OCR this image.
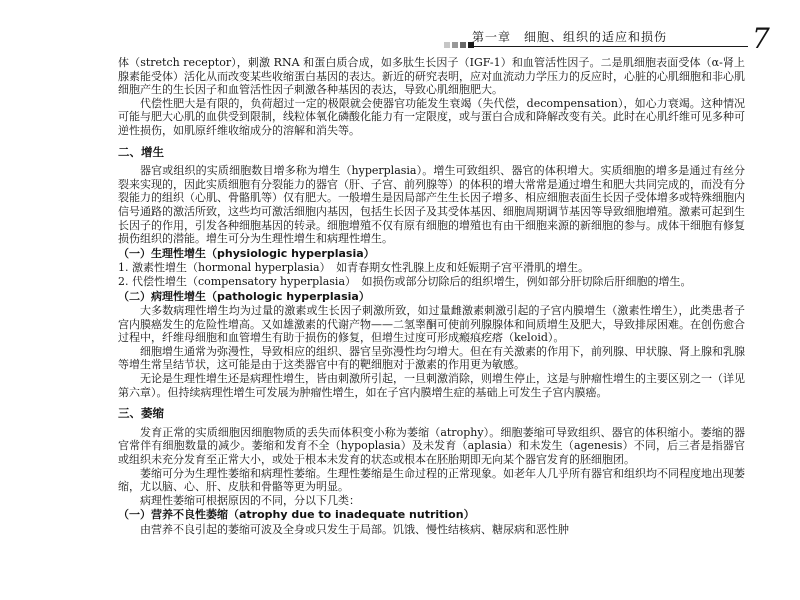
第一章　细胞、组织的适应和损伤	7

体（stretch receptor），刺激 RNA 和蛋白质合成，如多肽生长因子（IGF-1）和血管活性因子。二是肌细胞表面受体（α-肾上腺素能受体）活化从而改变某些收缩蛋白基因的表达。新近的研究表明，应对血流动力学压力的反应时，心脏的心肌细胞和非心肌细胞产生的生长因子和血管活性因子刺激各种基因的表达，导致心肌细胞肥大。

代偿性肥大是有限的，负荷超过一定的极限就会使器官功能发生衰竭（失代偿，decompensation），如心力衰竭。这种情况可能与肥大心肌的血供受到限制，线粒体氧化磷酸化能力有一定限度，或与蛋白合成和降解改变有关。此时在心肌纤维可见多种可逆性损伤，如肌原纤维收缩成分的溶解和消失等。

二、增生

器官或组织的实质细胞数目增多称为增生（hyperplasia）。增生可致组织、器官的体积增大。实质细胞的增多是通过有丝分裂来实现的，因此实质细胞有分裂能力的器官（肝、子宫、前列腺等）的体积的增大常常是通过增生和肥大共同完成的，而没有分裂能力的组织（心肌、骨骼肌等）仅有肥大。一般增生是因局部产生生长因子增多、相应细胞表面生长因子受体增多或特殊细胞内信号通路的激活所致，这些均可激活细胞内基因，包括生长因子及其受体基因、细胞周期调节基因等导致细胞增殖。激素可起到生长因子的作用，引发各种细胞基因的转录。细胞增殖不仅有原有细胞的增殖也有由干细胞来源的新细胞的参与。成体干细胞有修复损伤组织的潜能。增生可分为生理性增生和病理性增生。

（一）生理性增生（physiologic hyperplasia）

1. 激素性增生（hormonal hyperplasia）　如青春期女性乳腺上皮和妊娠期子宫平滑肌的增生。

2. 代偿性增生（compensatory hyperplasia）　如损伤或部分切除后的组织增生，例如部分肝切除后肝细胞的增生。

（二）病理性增生（pathologic hyperplasia）

大多数病理性增生均为过量的激素或生长因子刺激所致，如过量雌激素刺激引起的子宫内膜增生（激素性增生），此类患者子宫内膜癌发生的危险性增高。又如雄激素的代谢产物——二氢睾酮可使前列腺腺体和间质增生及肥大，导致排尿困难。在创伤愈合过程中，纤维母细胞和血管增生有助于损伤的修复，但增生过度可形成瘢痕疙瘩（keloid）。

细胞增生通常为弥漫性，导致相应的组织、器官呈弥漫性均匀增大。但在有关激素的作用下，前列腺、甲状腺、肾上腺和乳腺等增生常呈结节状，这可能是由于这类器官中有的靶细胞对于激素的作用更为敏感。

无论是生理性增生还是病理性增生，皆由刺激所引起，一旦刺激消除，则增生停止，这是与肿瘤性增生的主要区别之一（详见第六章）。但持续病理性增生可发展为肿瘤性增生，如在子宫内膜增生症的基础上可发生子宫内膜癌。

三、萎缩

发育正常的实质细胞因细胞物质的丢失而体积变小称为萎缩（atrophy）。细胞萎缩可导致组织、器官的体积缩小。萎缩的器官常伴有细胞数量的减少。萎缩和发育不全（hypoplasia）及未发育（aplasia）和未发生（agenesis）不同，后三者是指器官或组织未充分发育至正常大小，或处于根本未发育的状态或根本在胚胎期即无向某个器官发育的胚细胞团。

萎缩可分为生理性萎缩和病理性萎缩。生理性萎缩是生命过程的正常现象。如老年人几乎所有器官和组织均不同程度地出现萎缩，尤以脑、心、肝、皮肤和骨骼等更为明显。

病理性萎缩可根据原因的不同，分以下几类：

（一）营养不良性萎缩（atrophy due to inadequate nutrition）

由营养不良引起的萎缩可波及全身或只发生于局部。饥饿、慢性结核病、糖尿病和恶性肿
